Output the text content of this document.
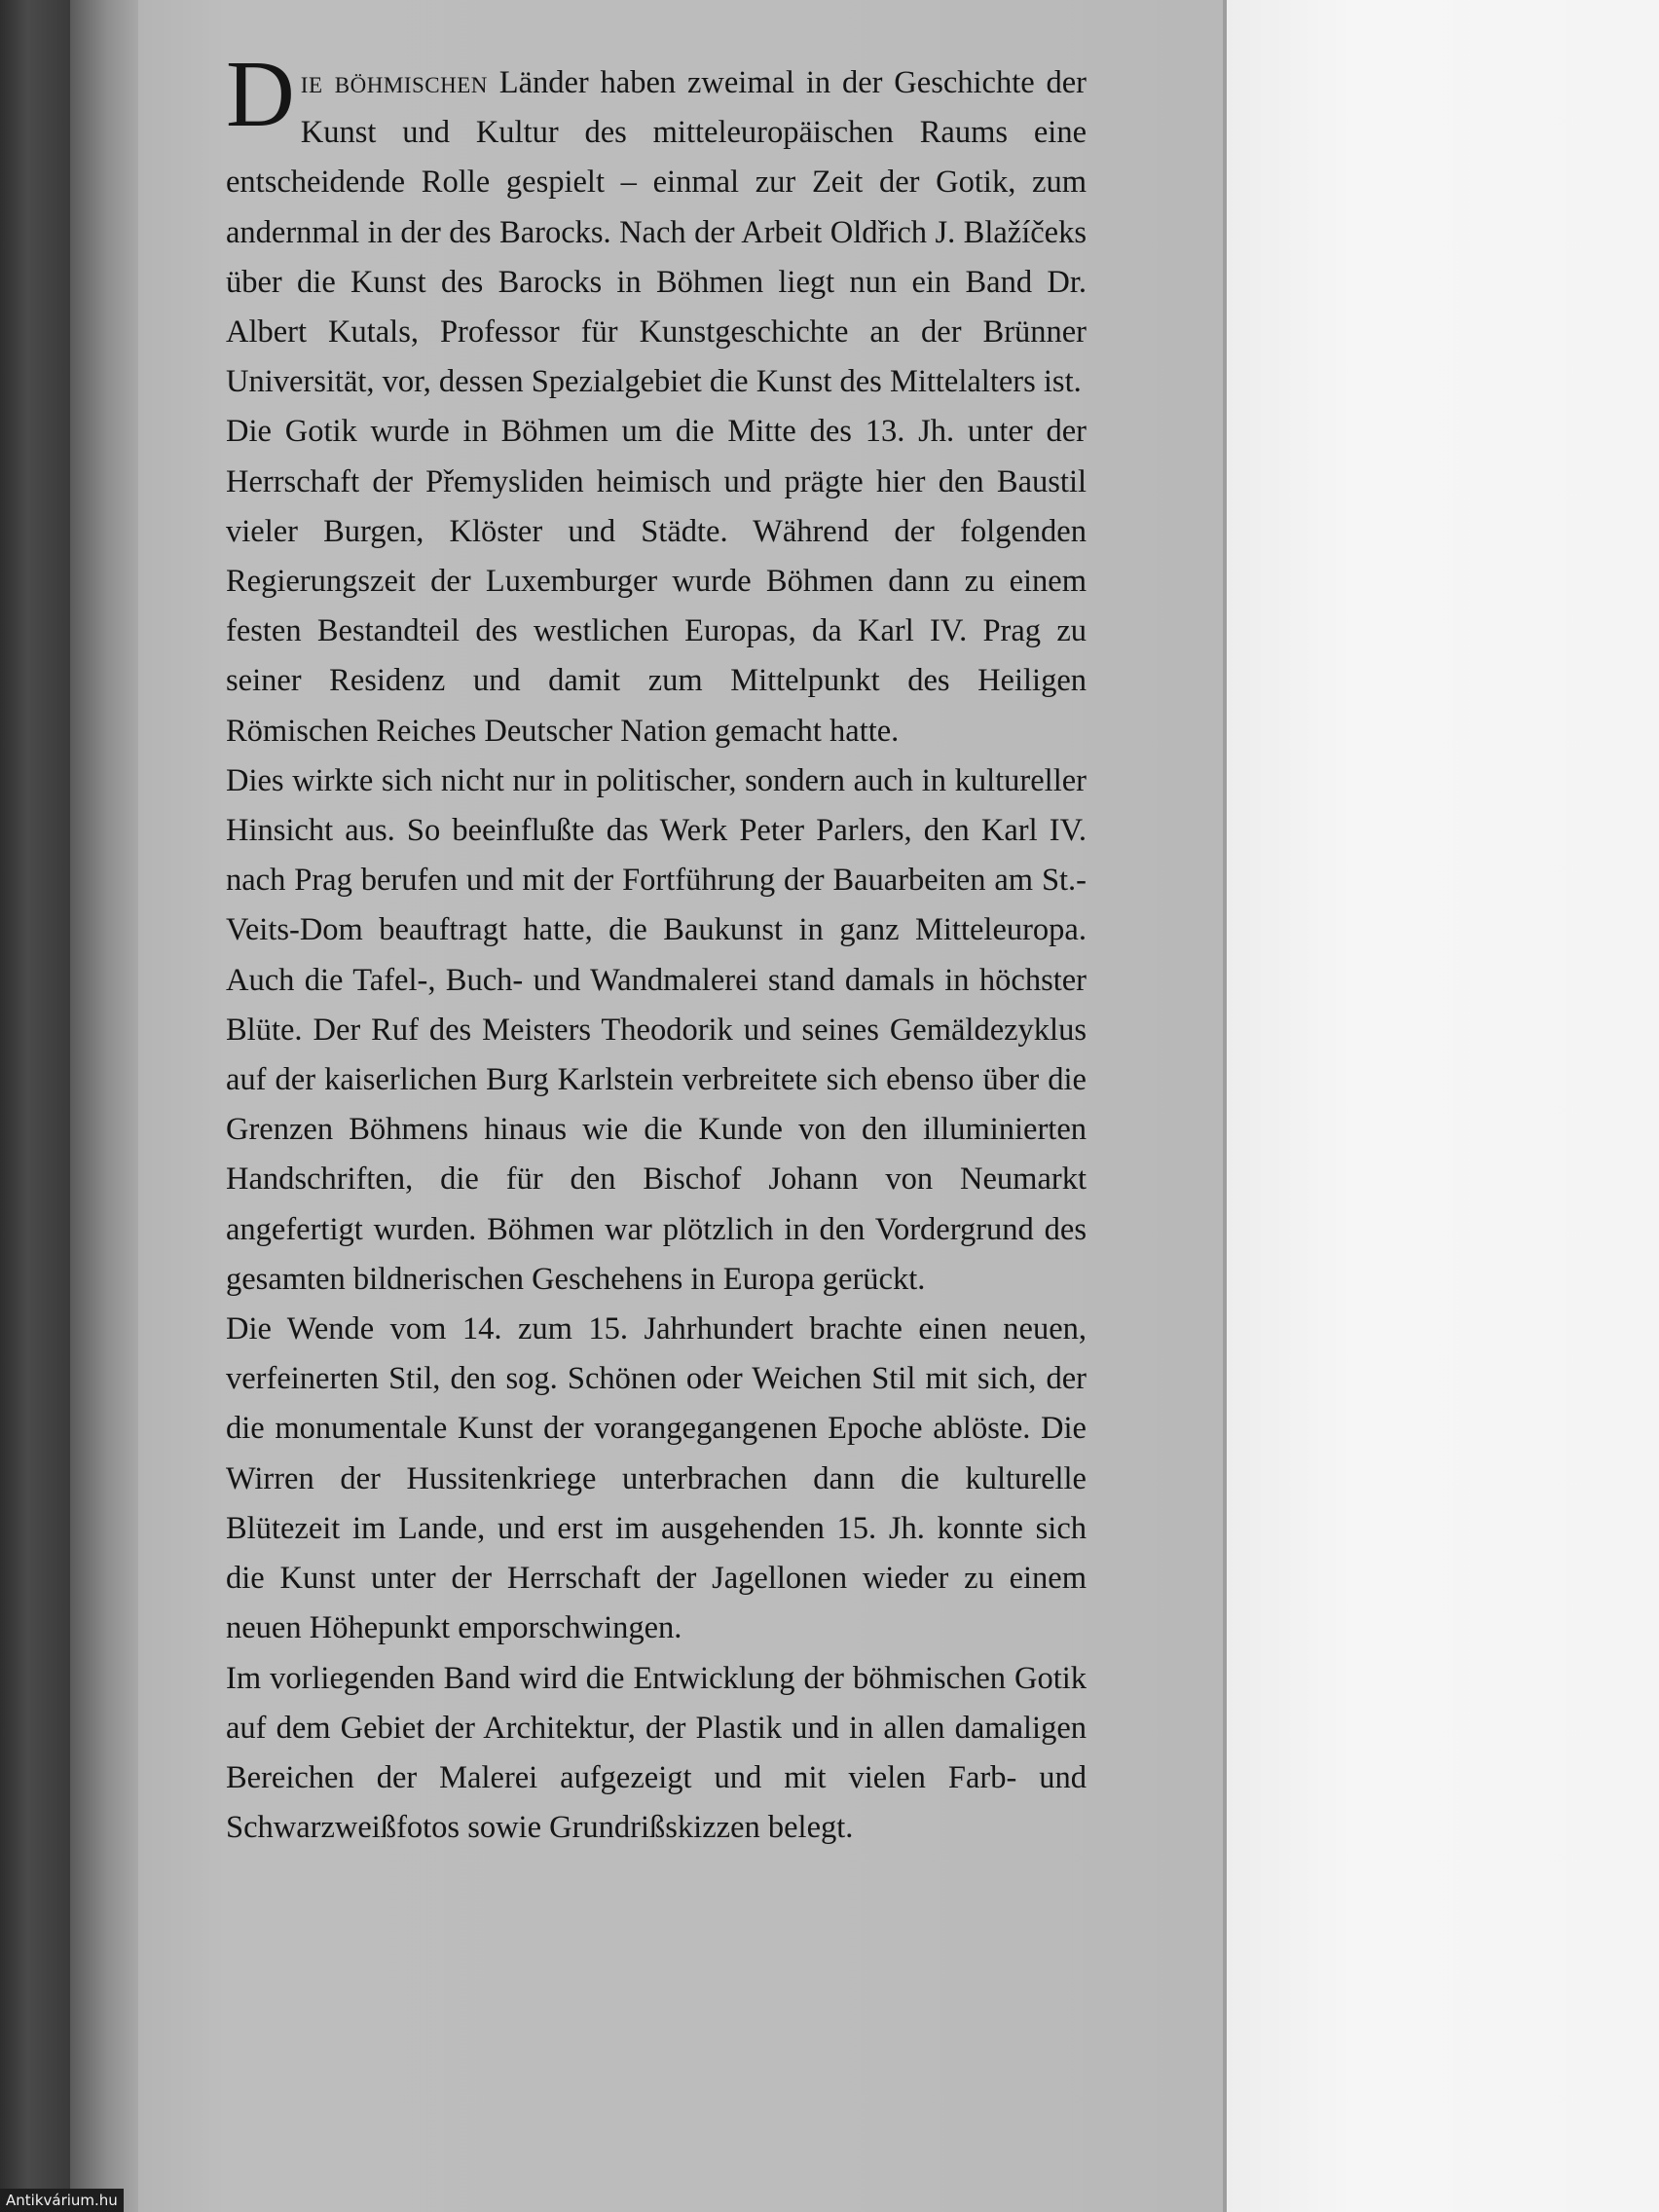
Die böhmischen Länder haben zweimal in der Geschichte der Kunst und Kultur des mitteleuropäischen Raums eine entscheidende Rolle gespielt – einmal zur Zeit der Gotik, zum andernmal in der des Barocks. Nach der Arbeit Oldřich J. Blažíčeks über die Kunst des Barocks in Böhmen liegt nun ein Band Dr. Albert Kutals, Professor für Kunstgeschichte an der Brünner Universität, vor, dessen Spezialgebiet die Kunst des Mittelalters ist.

Die Gotik wurde in Böhmen um die Mitte des 13. Jh. unter der Herrschaft der Přemysliden heimisch und prägte hier den Baustil vieler Burgen, Klöster und Städte. Während der folgenden Regierungszeit der Luxemburger wurde Böhmen dann zu einem festen Bestandteil des westlichen Europas, da Karl IV. Prag zu seiner Residenz und damit zum Mittelpunkt des Heiligen Römischen Reiches Deutscher Nation gemacht hatte.

Dies wirkte sich nicht nur in politischer, sondern auch in kultureller Hinsicht aus. So beeinflußte das Werk Peter Parlers, den Karl IV. nach Prag berufen und mit der Fortführung der Bauarbeiten am St.-Veits-Dom beauftragt hatte, die Baukunst in ganz Mitteleuropa. Auch die Tafel-, Buch- und Wandmalerei stand damals in höchster Blüte. Der Ruf des Meisters Theodorik und seines Gemäldezyklus auf der kaiserlichen Burg Karlstein verbreitete sich ebenso über die Grenzen Böhmens hinaus wie die Kunde von den illuminierten Handschriften, die für den Bischof Johann von Neumarkt angefertigt wurden. Böhmen war plötzlich in den Vordergrund des gesamten bildnerischen Geschehens in Europa gerückt.

Die Wende vom 14. zum 15. Jahrhundert brachte einen neuen, verfeinerten Stil, den sog. Schönen oder Weichen Stil mit sich, der die monumentale Kunst der vorangegangenen Epoche ablöste. Die Wirren der Hussitenkriege unterbrachen dann die kulturelle Blütezeit im Lande, und erst im ausgehenden 15. Jh. konnte sich die Kunst unter der Herrschaft der Jagellonen wieder zu einem neuen Höhepunkt emporschwingen.

Im vorliegenden Band wird die Entwicklung der böhmischen Gotik auf dem Gebiet der Architektur, der Plastik und in allen damaligen Bereichen der Malerei aufgezeigt und mit vielen Farb- und Schwarzweißfotos sowie Grundrißskizzen belegt.

Antikvárium.hu
